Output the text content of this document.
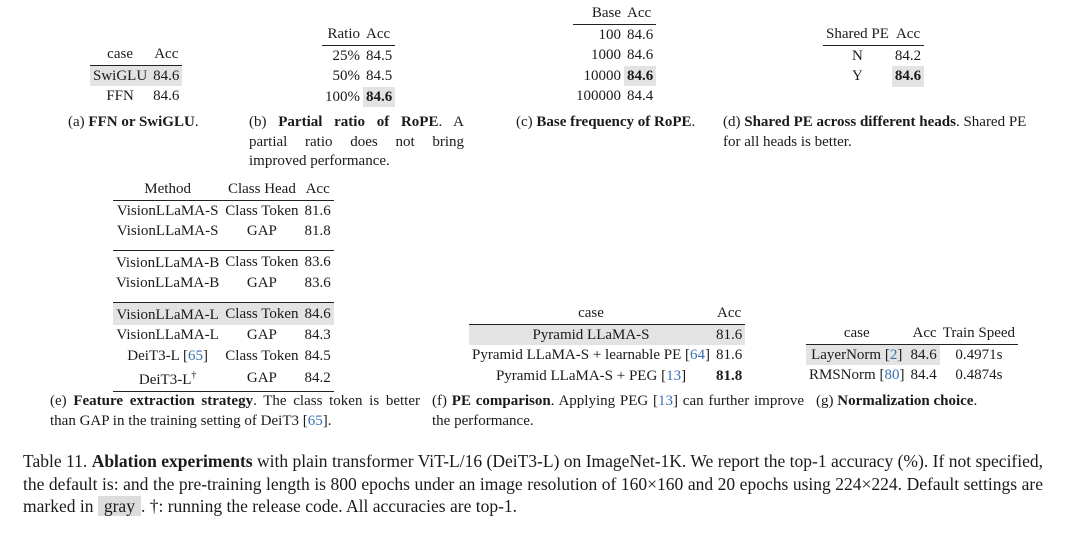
case	Acc
SwiGLU	84.6
FFN	84.6
(a) FFN or SwiGLU.
Ratio	Acc
25%	84.5
50%	84.5
100%	84.6
(b) Partial ratio of RoPE. A partial ratio does not bring improved performance.
Base	Acc
100	84.6
1000	84.6
10000	84.6
100000	84.4
(c) Base frequency of RoPE.
Shared PE	Acc
N	84.2
Y	84.6
(d) Shared PE across different heads. Shared PE for all heads is better.
Method	Class Head	Acc
VisionLLaMA-S	Class Token	81.6
VisionLLaMA-S	GAP	81.8

VisionLLaMA-B	Class Token	83.6
VisionLLaMA-B	GAP	83.6

VisionLLaMA-L	Class Token	84.6
VisionLLaMA-L	GAP	84.3
DeiT3-L [65]	Class Token	84.5
DeiT3-L†	GAP	84.2
(e) Feature extraction strategy. The class token is better than GAP in the training setting of DeiT3 [65].
case	Acc
Pyramid LLaMA-S	81.6
Pyramid LLaMA-S + learnable PE [64]	81.6
Pyramid LLaMA-S + PEG [13]	81.8
(f) PE comparison. Applying PEG [13] can further improve the performance.
case	Acc	Train Speed
LayerNorm [2]	84.6	0.4971s
RMSNorm [80]	84.4	0.4874s
(g) Normalization choice.
Table 11. Ablation experiments with plain transformer ViT-L/16 (DeiT3-L) on ImageNet-1K. We report the top-1 accuracy (%). If not specified, the default is: and the pre-training length is 800 epochs under an image resolution of 160×160 and 20 epochs using 224×224. Default settings are marked in gray . †: running the release code. All accuracies are top-1.
